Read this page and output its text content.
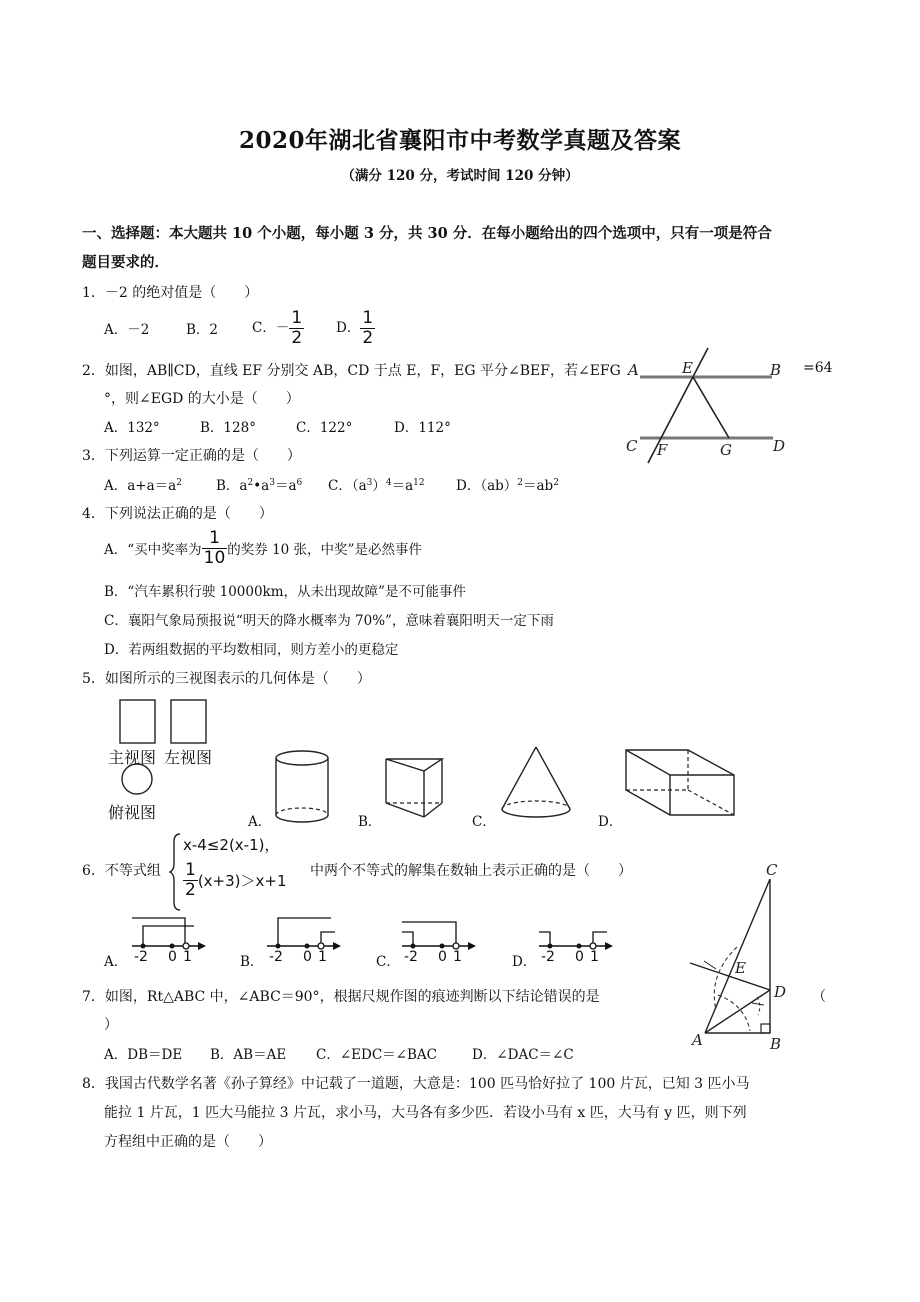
2020年湖北省襄阳市中考数学真题及答案
（满分 120 分，考试时间 120 分钟）
一、选择题：本大题共 10 个小题，每小题 3 分，共 30 分．在每小题给出的四个选项中，只有一项是符合
题目要求的．
1．－2 的绝对值是（　　）
A．－2	B．2	C．－ $\frac{1}{2}$ D． $\frac{1}{2}$
2．如图，AB∥CD，直线 EF 分别交 AB，CD 于点 E，F，EG 平分∠BEF，若∠EFG	=64
°，则∠EGD 的大小是（　　）
A．132°	B．128°	C．122°	D．112°
A	E	B
C F	G	D
3．下列运算一定正确的是（　　）
A．$a+a=a^2$	B．$a^2•a^3=a^6$ C．$(a^3)^4=a^{12}$ D．$(ab)^2=ab^2$
4．下列说法正确的是（　　）
A．“买中奖率为 $\frac{1}{10}$ 的奖券 10 张，中奖”是必然事件
B．“汽车累积行驶 10000km，从未出现故障”是不可能事件
C．襄阳气象局预报说“明天的降水概率为 70%”，意味着襄阳明天一定下雨
D．若两组数据的平均数相同，则方差小的更稳定
5．如图所示的三视图表示的几何体是（　　）
主视图 左视图
俯视图	A．	B．	C．	D．
6．不等式组
x-4≤2(x-1)，
$\frac{1}{2} (x+3)>x+1$
中两个不等式的解集在数轴上表示正确的是（　　）
A． -2 0 1	B． -2 0 1	C． -2 0 1	D． -2 0 1
C
E
D
A	B
7．如图，Rt△ABC 中，∠ABC＝90°，根据尺规作图的痕迹判断以下结论错误的是	（
）
A．DB＝DE B．AB＝AE C．∠EDC＝∠BAC	D．∠DAC＝∠C
8．我国古代数学名著《孙子算经》中记载了一道题，大意是：100 匹马恰好拉了 100 片瓦，已知 3 匹小马
能拉 1 片瓦，1 匹大马能拉 3 片瓦，求小马，大马各有多少匹．若设小马有 x 匹，大马有 y 匹，则下列
方程组中正确的是（　　）
